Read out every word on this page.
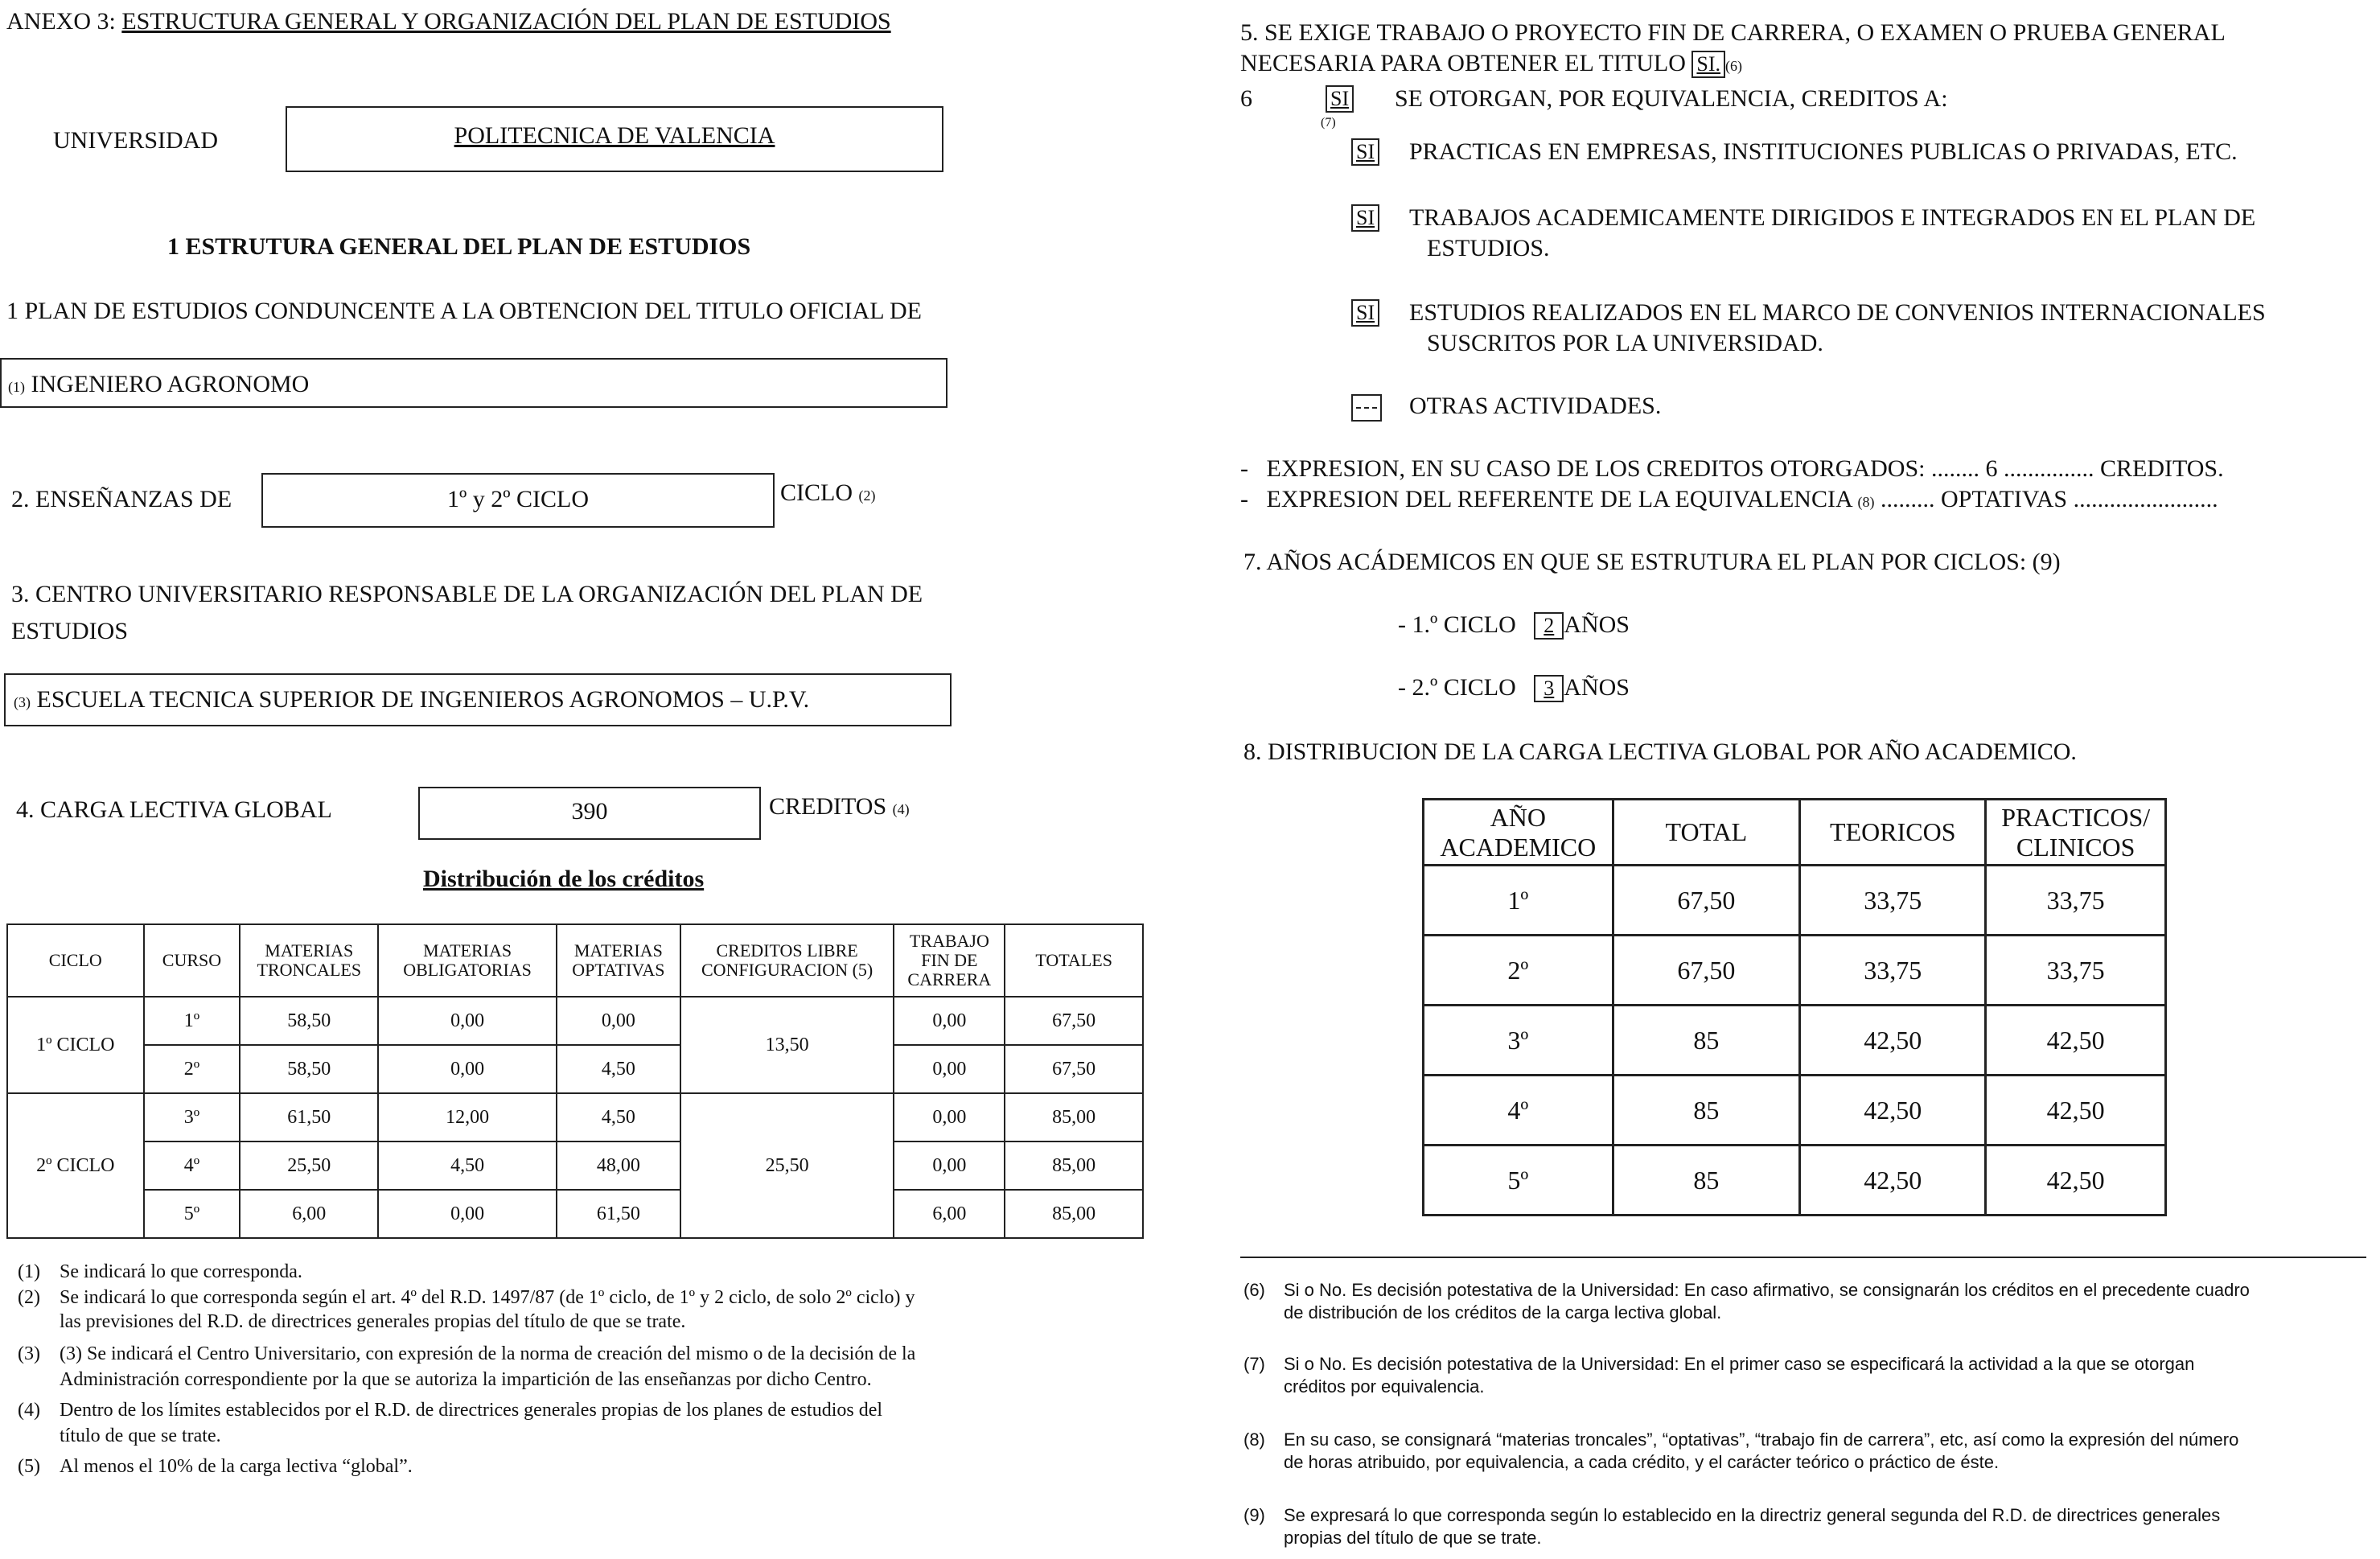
ANEXO 3: ESTRUCTURA GENERAL Y ORGANIZACIÓN DEL PLAN DE ESTUDIOS
UNIVERSIDAD	POLITECNICA DE VALENCIA
1 ESTRUTURA GENERAL DEL PLAN DE ESTUDIOS
1 PLAN DE ESTUDIOS CONDUNCENTE A LA OBTENCION DEL TITULO OFICIAL DE
(1) INGENIERO AGRONOMO
2. ENSEÑANZAS DE	1º y 2º CICLO	CICLO (2)
3. CENTRO UNIVERSITARIO RESPONSABLE DE LA ORGANIZACIÓN DEL PLAN DE
ESTUDIOS
(3) ESCUELA TECNICA SUPERIOR DE INGENIEROS AGRONOMOS – U.P.V.
4. CARGA LECTIVA GLOBAL	390	CREDITOS (4)
Distribución de los créditos
CICLO	CURSO	MATERIAS TRONCALES	MATERIAS OBLIGATORIAS	MATERIAS OPTATIVAS	CREDITOS LIBRE CONFIGURACION (5)	TRABAJO FIN DE CARRERA	TOTALES
1º CICLO	1º	58,50	0,00	0,00	13,50	0,00	67,50
	2º	58,50	0,00	4,50		0,00	67,50
2º CICLO	3º	61,50	12,00	4,50	25,50	0,00	85,00
	4º	25,50	4,50	48,00		0,00	85,00
	5º	6,00	0,00	61,50		6,00	85,00
(1) Se indicará lo que corresponda.
(2) Se indicará lo que corresponda según el art. 4º del R.D. 1497/87 (de 1º ciclo, de 1º y 2 ciclo, de solo 2º ciclo) y
las previsiones del R.D. de directrices generales propias del título de que se trate.
(3) (3) Se indicará el Centro Universitario, con expresión de la norma de creación del mismo o de la decisión de la
Administración correspondiente por la que se autoriza la impartición de las enseñanzas por dicho Centro.
(4) Dentro de los límites establecidos por el R.D. de directrices generales propias de los planes de estudios del
título de que se trate.
(5) Al menos el 10% de la carga lectiva “global”.
5. SE EXIGE TRABAJO O PROYECTO FIN DE CARRERA, O EXAMEN O PRUEBA GENERAL
NECESARIA PARA OBTENER EL TITULO SI. (6)
6	SI
(7)
SE OTORGAN, POR EQUIVALENCIA, CREDITOS A:
SI PRACTICAS EN EMPRESAS, INSTITUCIONES PUBLICAS O PRIVADAS, ETC.
SI TRABAJOS ACADEMICAMENTE DIRIGIDOS E INTEGRADOS EN EL PLAN DE
ESTUDIOS.
SI ESTUDIOS REALIZADOS EN EL MARCO DE CONVENIOS INTERNACIONALES
SUSCRITOS POR LA UNIVERSIDAD.
OTRAS ACTIVIDADES.
-   EXPRESION, EN SU CASO DE LOS CREDITOS OTORGADOS: ........ 6 ............... CREDITOS.
-   EXPRESION DEL REFERENTE DE LA EQUIVALENCIA (8) ......... OPTATIVAS ........................
7. AÑOS ACÁDEMICOS EN QUE SE ESTRUTURA EL PLAN POR CICLOS: (9)
- 1.º CICLO 2 AÑOS
- 2.º CICLO 3 AÑOS
8. DISTRIBUCION DE LA CARGA LECTIVA GLOBAL POR AÑO ACADEMICO.
AÑO ACADEMICO	TOTAL	TEORICOS	PRACTICOS/ CLINICOS
1º	67,50	33,75	33,75
2º	67,50	33,75	33,75
3º	85	42,50	42,50
4º	85	42,50	42,50
5º	85	42,50	42,50
(6) Si o No. Es decisión potestativa de la Universidad: En caso afirmativo, se consignarán los créditos en el precedente cuadro
de distribución de los créditos de la carga lectiva global.
(7) Si o No. Es decisión potestativa de la Universidad: En el primer caso se especificará la actividad a la que se otorgan
créditos por equivalencia.
(8) En su caso, se consignará “materias troncales”, “optativas”, “trabajo fin de carrera”, etc, así como la expresión del número
de horas atribuido, por equivalencia, a cada crédito, y el carácter teórico o práctico de éste.
(9) Se expresará lo que corresponda según lo establecido en la directriz general segunda del R.D. de directrices generales
propias del título de que se trate.
